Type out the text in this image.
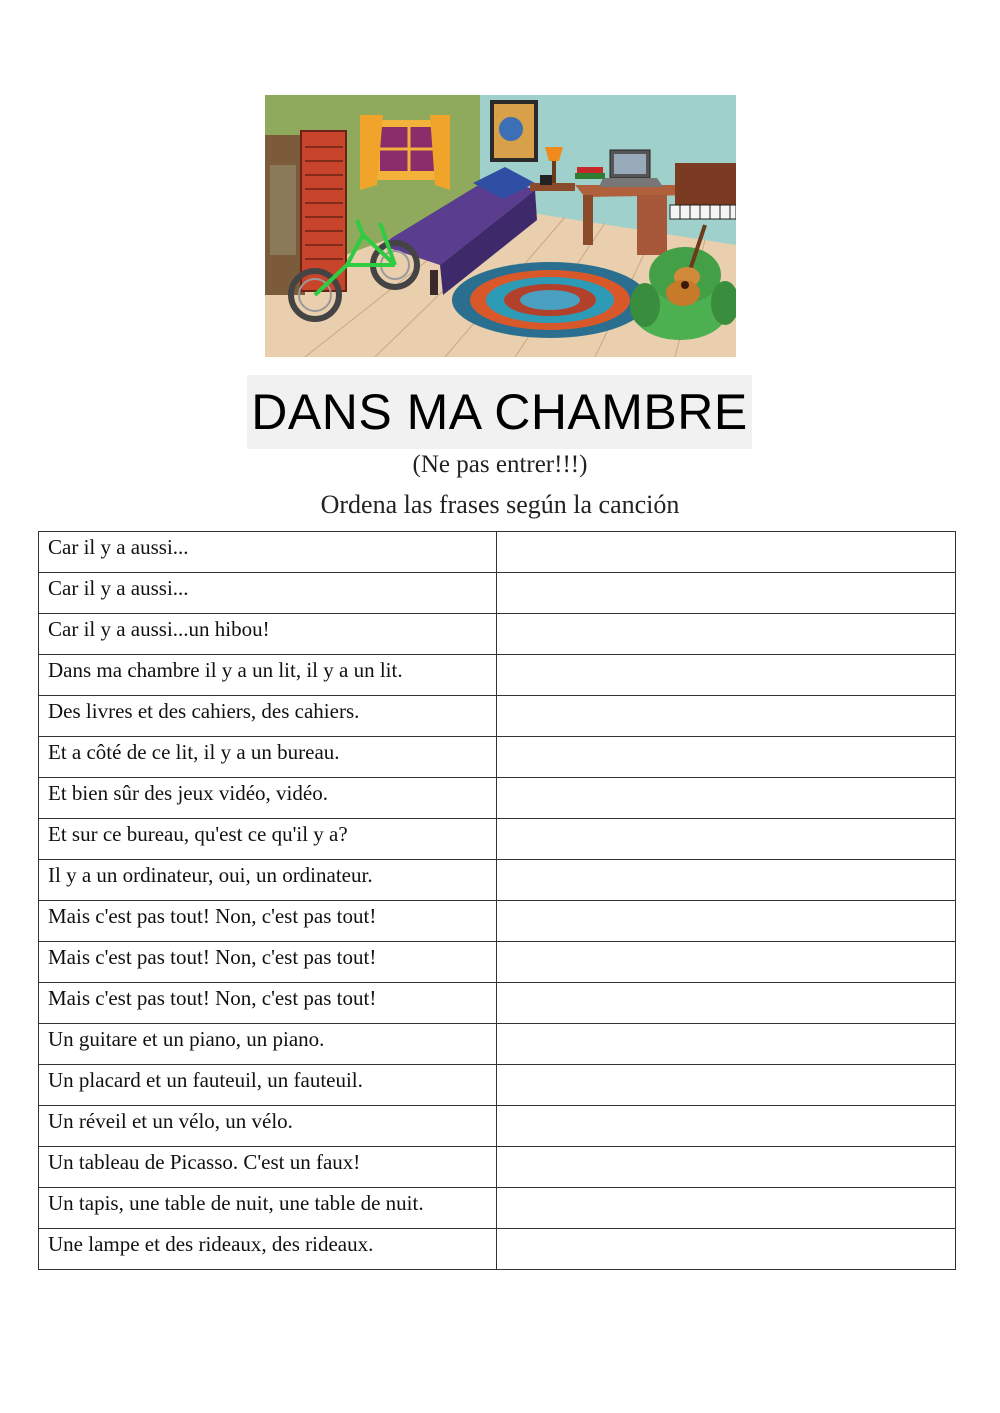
DANS MA CHAMBRE
(Ne pas entrer!!!)
Ordena las frases según la canción
Car il y a aussi...	
Car il y a aussi...	
Car il y a aussi...un hibou!	
Dans ma chambre il y a un lit, il y a un lit.	
Des livres et des cahiers, des cahiers.	
Et a côté de ce lit, il y a un bureau.	
Et bien sûr des jeux vidéo, vidéo.	
Et sur ce bureau, qu'est ce qu'il y a?	
Il y a un ordinateur, oui, un ordinateur.	
Mais c'est pas tout! Non, c'est pas tout!	
Mais c'est pas tout! Non, c'est pas tout!	
Mais c'est pas tout! Non, c'est pas tout!	
Un guitare et un piano, un piano.	
Un placard et un fauteuil, un fauteuil.	
Un réveil et un vélo, un vélo.	
Un tableau de Picasso. C'est un faux!	
Un tapis, une table de nuit, une table de nuit.	
Une lampe et des rideaux, des rideaux.	
